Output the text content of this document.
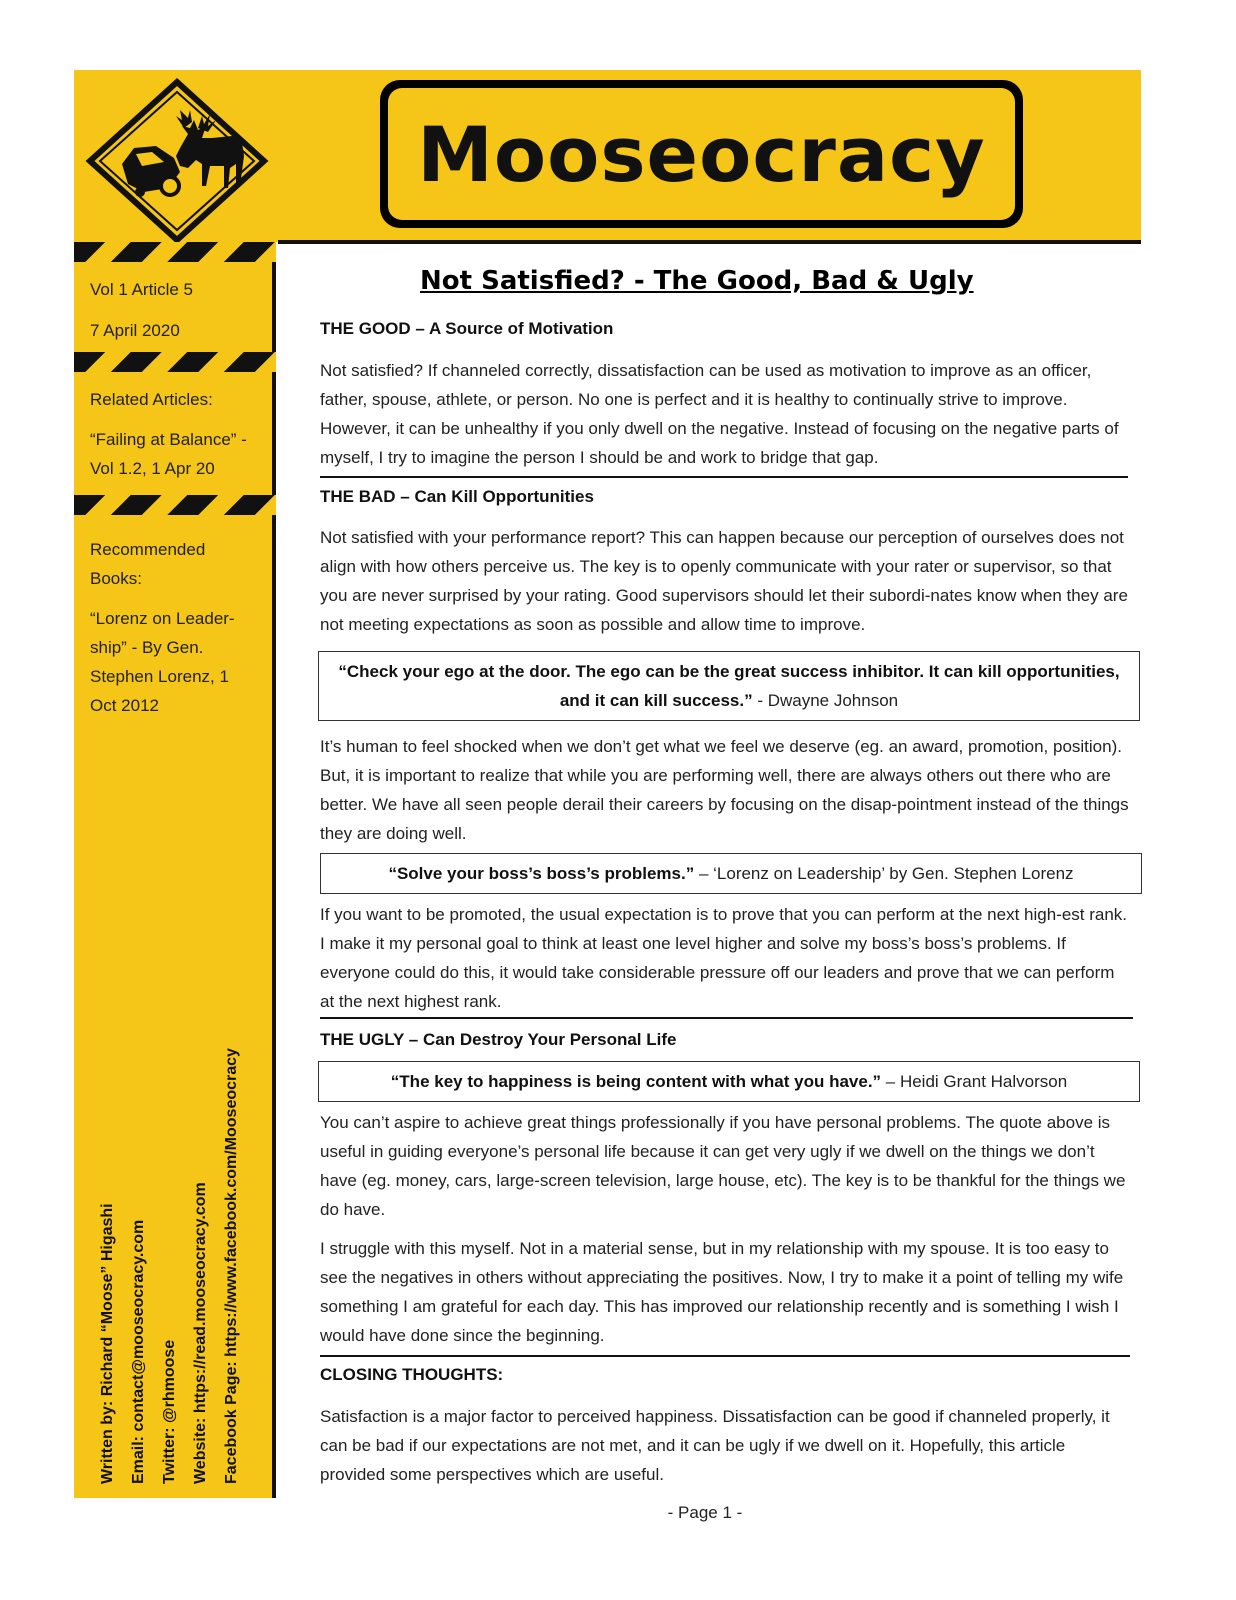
Mooseocracy
Vol 1 Article 5
7 April 2020
Related Articles:
“Failing at Balance” -
Vol 1.2, 1 Apr 20
Recommended
Books:
“Lorenz on Leader-
ship” - By Gen.
Stephen Lorenz, 1
Oct 2012
Written by: Richard “Moose” Higashi Email: contact@mooseocracy.com Twitter: @rhmoose Website: https://read.mooseocracy.com Facebook Page: https://www.facebook.com/Mooseocracy
Not Satisfied? - The Good, Bad & Ugly
THE GOOD – A Source of Motivation
Not satisfied? If channeled correctly, dissatisfaction can be used as motivation to improve as an officer, father, spouse, athlete, or person. No one is perfect and it is healthy to continually strive to improve. However, it can be unhealthy if you only dwell on the negative. Instead of focusing on the negative parts of myself, I try to imagine the person I should be and work to bridge that gap.
THE BAD – Can Kill Opportunities
Not satisfied with your performance report? This can happen because our perception of ourselves does not align with how others perceive us. The key is to openly communicate with your rater or supervisor, so that you are never surprised by your rating. Good supervisors should let their subordi-nates know when they are not meeting expectations as soon as possible and allow time to improve.
“Check your ego at the door. The ego can be the great success inhibitor. It can kill opportunities, and it can kill success.” - Dwayne Johnson
It’s human to feel shocked when we don’t get what we feel we deserve (eg. an award, promotion, position). But, it is important to realize that while you are performing well, there are always others out there who are better. We have all seen people derail their careers by focusing on the disap-pointment instead of the things they are doing well.
“Solve your boss’s boss’s problems.” – ‘Lorenz on Leadership’ by Gen. Stephen Lorenz
If you want to be promoted, the usual expectation is to prove that you can perform at the next high-est rank. I make it my personal goal to think at least one level higher and solve my boss’s boss’s problems. If everyone could do this, it would take considerable pressure off our leaders and prove that we can perform at the next highest rank.
THE UGLY – Can Destroy Your Personal Life
“The key to happiness is being content with what you have.” – Heidi Grant Halvorson
You can’t aspire to achieve great things professionally if you have personal problems. The quote above is useful in guiding everyone’s personal life because it can get very ugly if we dwell on the things we don’t have (eg. money, cars, large-screen television, large house, etc). The key is to be thankful for the things we do have.
I struggle with this myself. Not in a material sense, but in my relationship with my spouse. It is too easy to see the negatives in others without appreciating the positives. Now, I try to make it a point of telling my wife something I am grateful for each day. This has improved our relationship recently and is something I wish I would have done since the beginning.
CLOSING THOUGHTS:
Satisfaction is a major factor to perceived happiness. Dissatisfaction can be good if channeled properly, it can be bad if our expectations are not met, and it can be ugly if we dwell on it. Hopefully, this article provided some perspectives which are useful.
- Page 1 -
